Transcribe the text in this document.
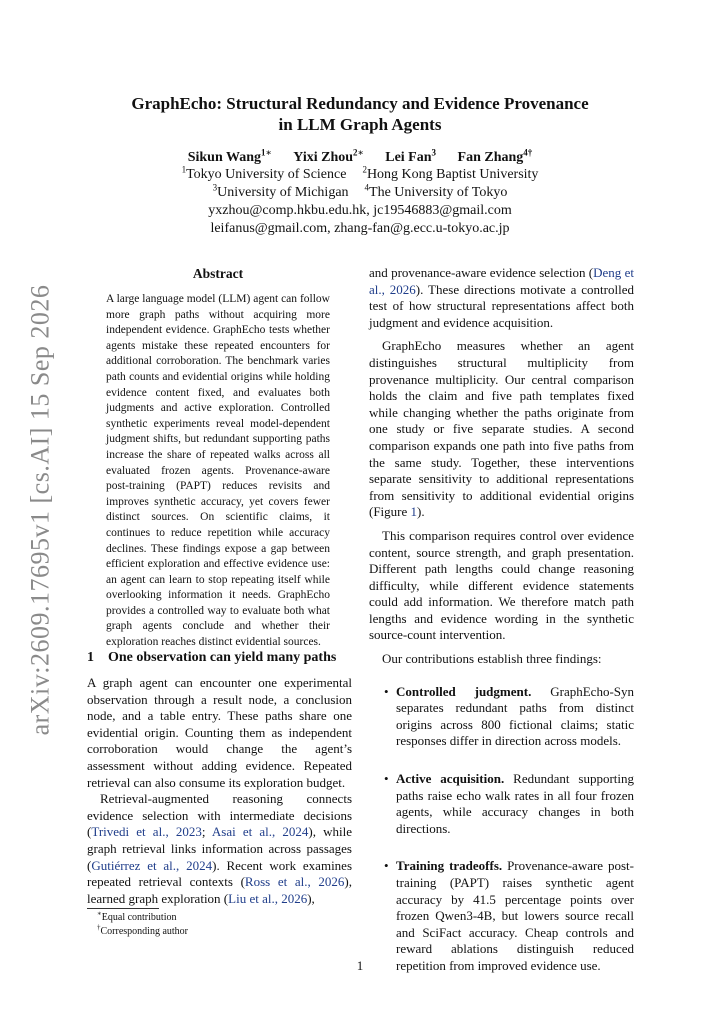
arXiv:2609.17695v1 [cs.AI] 15 Sep 2026
GraphEcho: Structural Redundancy and Evidence Provenance
in LLM Graph Agents
Sikun Wang$^{1∗}$ Yixi Zhou$^{2∗}$ Lei Fan$^3$ Fan Zhang$^{4\dagger}$
$^1$Tokyo University of Science $^2$Hong Kong Baptist University
$^3$University of Michigan $^4$The University of Tokyo
yxzhou@comp.hkbu.edu.hk, jc19546883@gmail.com
leifanus@gmail.com, zhang-fan@g.ecc.u-tokyo.ac.jp
Abstract

A large language model (LLM) agent can follow more graph paths without acquiring more independent evidence. GraphEcho tests whether agents mistake these repeated encounters for additional corroboration. The benchmark varies path counts and evidential origins while holding evidence content fixed, and evaluates both judgments and active exploration. Controlled synthetic experiments reveal model-dependent judgment shifts, but redundant supporting paths increase the share of repeated walks across all evaluated frozen agents. Provenance-aware post-training (PAPT) reduces revisits and improves synthetic accuracy, yet covers fewer distinct sources. On scientific claims, it continues to reduce repetition while accuracy declines. These findings expose a gap between efficient exploration and effective evidence use: an agent can learn to stop repeating itself while overlooking information it needs. GraphEcho provides a controlled way to evaluate both what graph agents conclude and whether their exploration reaches distinct evidential sources.

1 One observation can yield many paths

A graph agent can encounter one experimental observation through a result node, a conclusion node, and a table entry. These paths share one evidential origin. Counting them as independent corroboration would change the agent’s assessment without adding evidence. Repeated retrieval can also consume its exploration budget.

Retrieval-augmented reasoning connects evidence selection with intermediate decisions (Trivedi et al., 2023; Asai et al., 2024), while graph retrieval links information across passages (Gutiérrez et al., 2024). Recent work examines repeated retrieval contexts (Ross et al., 2026), learned graph exploration (Liu et al., 2026),

and provenance-aware evidence selection (Deng et al., 2026). These directions motivate a controlled test of how structural representations affect both judgment and evidence acquisition.

GraphEcho measures whether an agent distinguishes structural multiplicity from provenance multiplicity. Our central comparison holds the claim and five path templates fixed while changing whether the paths originate from one study or five separate studies. A second comparison expands one path into five paths from the same study. Together, these interventions separate sensitivity to additional representations from sensitivity to additional evidential origins (Figure 1).

This comparison requires control over evidence content, source strength, and graph presentation. Different path lengths could change reasoning difficulty, while different evidence statements could add information. We therefore match path lengths and evidence wording in the synthetic source-count intervention.

Our contributions establish three findings:

• Controlled judgment. GraphEcho-Syn separates redundant paths from distinct origins across 800 fictional claims; static responses differ in direction across models.
• Active acquisition. Redundant supporting paths raise echo walk rates in all four frozen agents, while accuracy changes in both directions.
• Training tradeoffs. Provenance-aware post-training (PAPT) raises synthetic agent accuracy by 41.5 percentage points over frozen Qwen3-4B, but lowers source recall and SciFact accuracy. Cheap controls and reward ablations distinguish reduced repetition from improved evidence use.
∗Equal contribution
†Corresponding author
1
